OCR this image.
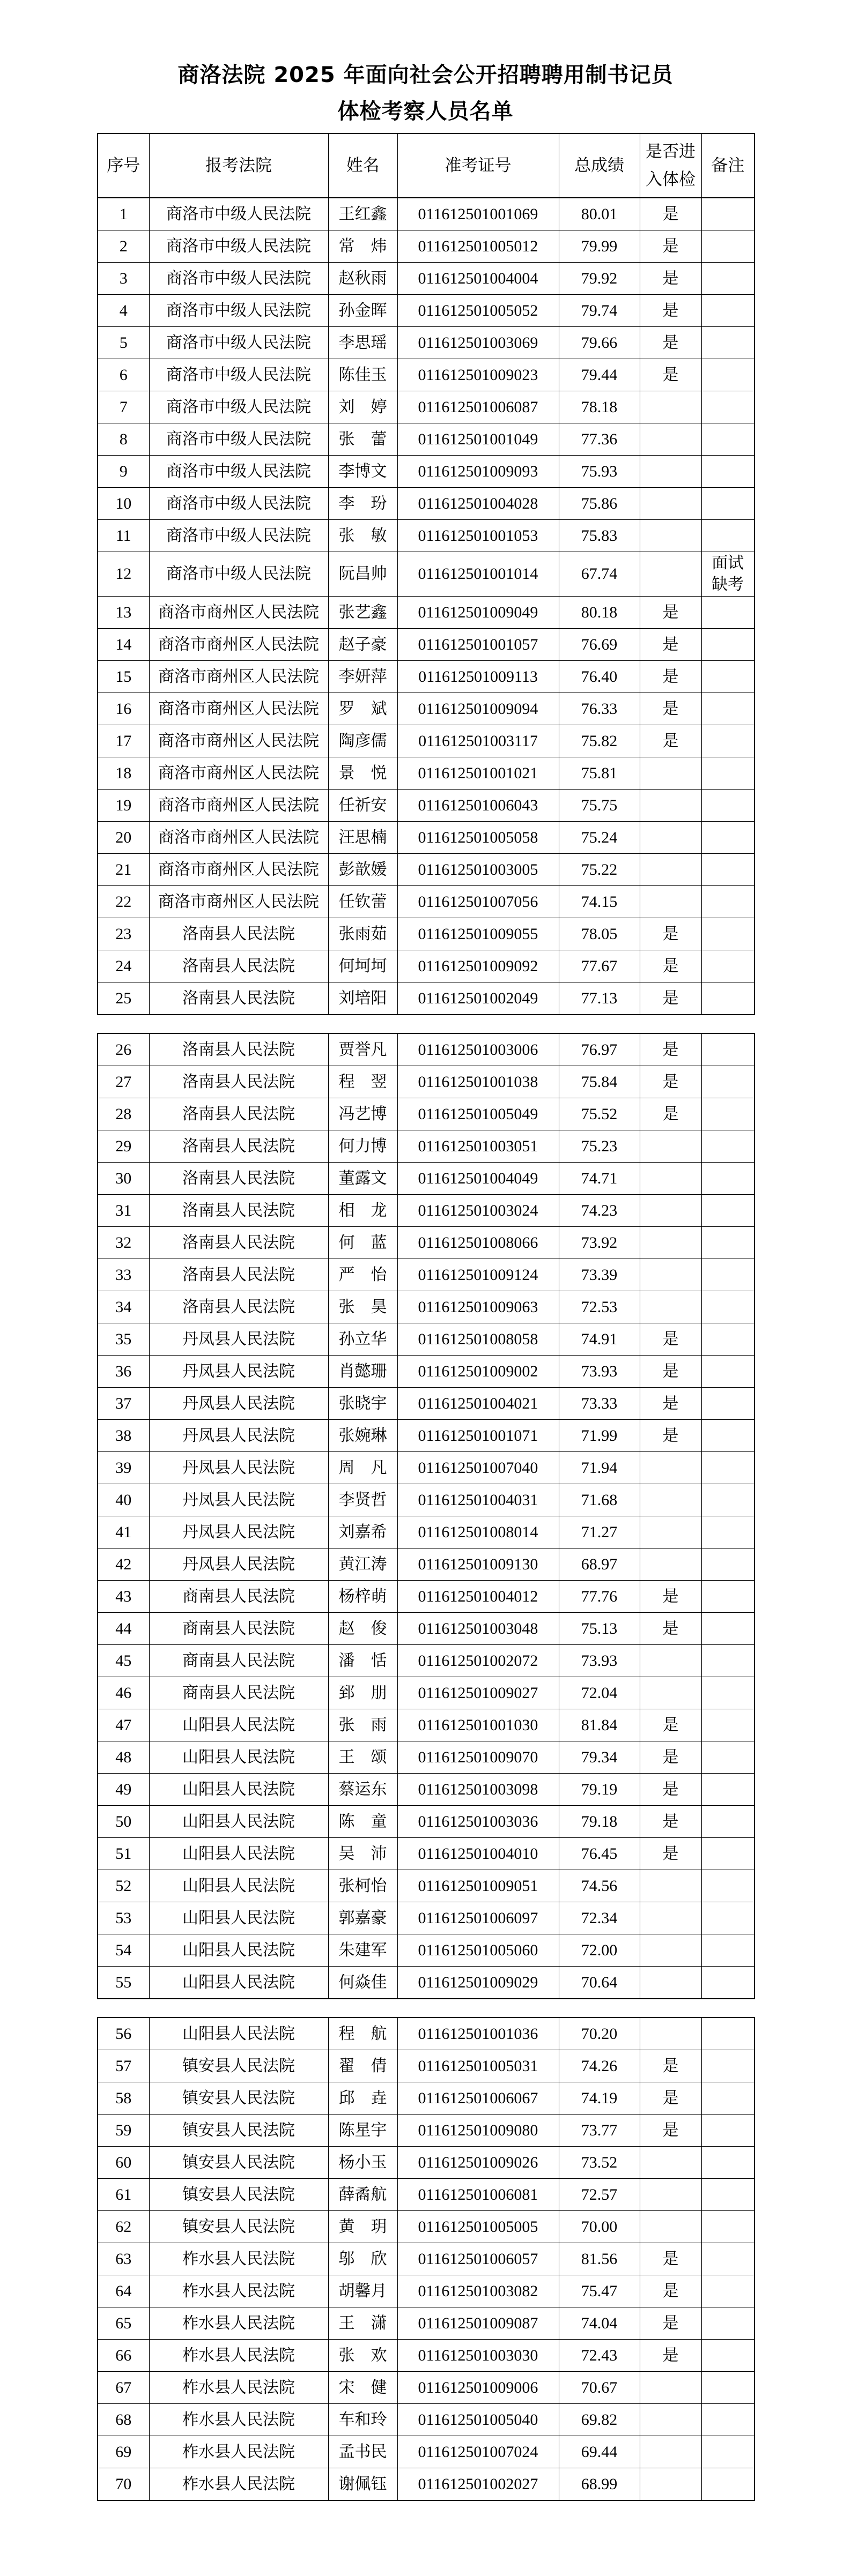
商洛法院 2025 年面向社会公开招聘聘用制书记员
体检考察人员名单
序号	报考法院	姓名	准考证号	总成绩	是否进入体检	备注
1	商洛市中级人民法院	王红鑫	011612501001069	80.01	是	
2	商洛市中级人民法院	常　炜	011612501005012	79.99	是	
3	商洛市中级人民法院	赵秋雨	011612501004004	79.92	是	
4	商洛市中级人民法院	孙金晖	011612501005052	79.74	是	
5	商洛市中级人民法院	李思瑶	011612501003069	79.66	是	
6	商洛市中级人民法院	陈佳玉	011612501009023	79.44	是	
7	商洛市中级人民法院	刘　婷	011612501006087	78.18		
8	商洛市中级人民法院	张　蕾	011612501001049	77.36		
9	商洛市中级人民法院	李博文	011612501009093	75.93		
10	商洛市中级人民法院	李　玢	011612501004028	75.86		
11	商洛市中级人民法院	张　敏	011612501001053	75.83		
12	商洛市中级人民法院	阮昌帅	011612501001014	67.74		面试缺考
13	商洛市商州区人民法院	张艺鑫	011612501009049	80.18	是	
14	商洛市商州区人民法院	赵子豪	011612501001057	76.69	是	
15	商洛市商州区人民法院	李妍萍	011612501009113	76.40	是	
16	商洛市商州区人民法院	罗　斌	011612501009094	76.33	是	
17	商洛市商州区人民法院	陶彦儒	011612501003117	75.82	是	
18	商洛市商州区人民法院	景　悦	011612501001021	75.81		
19	商洛市商州区人民法院	任祈安	011612501006043	75.75		
20	商洛市商州区人民法院	汪思楠	011612501005058	75.24		
21	商洛市商州区人民法院	彭歆媛	011612501003005	75.22		
22	商洛市商州区人民法院	任钦蕾	011612501007056	74.15		
23	洛南县人民法院	张雨茹	011612501009055	78.05	是	
24	洛南县人民法院	何坷坷	011612501009092	77.67	是	
25	洛南县人民法院	刘培阳	011612501002049	77.13	是	
26	洛南县人民法院	贾誉凡	011612501003006	76.97	是	
27	洛南县人民法院	程　翌	011612501001038	75.84	是	
28	洛南县人民法院	冯艺博	011612501005049	75.52	是	
29	洛南县人民法院	何力博	011612501003051	75.23		
30	洛南县人民法院	董露文	011612501004049	74.71		
31	洛南县人民法院	相　龙	011612501003024	74.23		
32	洛南县人民法院	何　蓝	011612501008066	73.92		
33	洛南县人民法院	严　怡	011612501009124	73.39		
34	洛南县人民法院	张　昊	011612501009063	72.53		
35	丹凤县人民法院	孙立华	011612501008058	74.91	是	
36	丹凤县人民法院	肖懿珊	011612501009002	73.93	是	
37	丹凤县人民法院	张晓宇	011612501004021	73.33	是	
38	丹凤县人民法院	张婉琳	011612501001071	71.99	是	
39	丹凤县人民法院	周　凡	011612501007040	71.94		
40	丹凤县人民法院	李贤哲	011612501004031	71.68		
41	丹凤县人民法院	刘嘉希	011612501008014	71.27		
42	丹凤县人民法院	黄江涛	011612501009130	68.97		
43	商南县人民法院	杨梓萌	011612501004012	77.76	是	
44	商南县人民法院	赵　俊	011612501003048	75.13	是	
45	商南县人民法院	潘　恬	011612501002072	73.93		
46	商南县人民法院	郅　朋	011612501009027	72.04		
47	山阳县人民法院	张　雨	011612501001030	81.84	是	
48	山阳县人民法院	王　颂	011612501009070	79.34	是	
49	山阳县人民法院	蔡运东	011612501003098	79.19	是	
50	山阳县人民法院	陈　童	011612501003036	79.18	是	
51	山阳县人民法院	吴　沛	011612501004010	76.45	是	
52	山阳县人民法院	张柯怡	011612501009051	74.56		
53	山阳县人民法院	郭嘉豪	011612501006097	72.34		
54	山阳县人民法院	朱建军	011612501005060	72.00		
55	山阳县人民法院	何焱佳	011612501009029	70.64		
56	山阳县人民法院	程　航	011612501001036	70.20		
57	镇安县人民法院	翟　倩	011612501005031	74.26	是	
58	镇安县人民法院	邱　垚	011612501006067	74.19	是	
59	镇安县人民法院	陈星宇	011612501009080	73.77	是	
60	镇安县人民法院	杨小玉	011612501009026	73.52		
61	镇安县人民法院	薛矞航	011612501006081	72.57		
62	镇安县人民法院	黄　玥	011612501005005	70.00		
63	柞水县人民法院	邬　欣	011612501006057	81.56	是	
64	柞水县人民法院	胡馨月	011612501003082	75.47	是	
65	柞水县人民法院	王　潇	011612501009087	74.04	是	
66	柞水县人民法院	张　欢	011612501003030	72.43	是	
67	柞水县人民法院	宋　健	011612501009006	70.67		
68	柞水县人民法院	车和玲	011612501005040	69.82		
69	柞水县人民法院	孟书民	011612501007024	69.44		
70	柞水县人民法院	谢佩钰	011612501002027	68.99		
